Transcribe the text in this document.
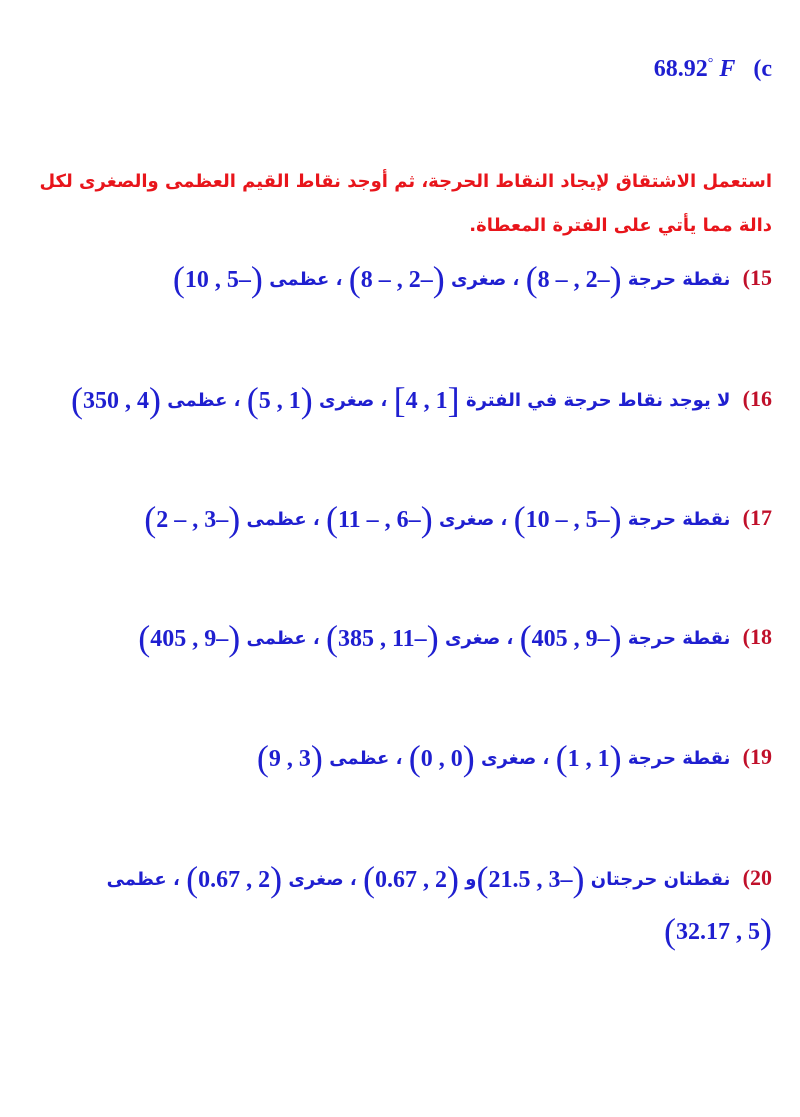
68.92° F (c
استعمل الاشتقاق لإيجاد النقاط الحرجة، ثم أوجد نقاط القيم العظمى والصغرى لكل دالة مما يأتي على الفترة المعطاة.
15) نقطة حرجة (8 – , 2–) ، صغرى (8 – , 2–) ، عظمى (10 , 5–)
16) لا يوجد نقاط حرجة في الفترة [4 , 1] ، صغرى (5 , 1) ، عظمى (350 , 4)
17) نقطة حرجة (10 – , 5–) ، صغرى (11 – , 6–) ، عظمى (2 – , 3–)
18) نقطة حرجة (405 , 9–) ، صغرى (385 , 11–) ، عظمى (405 , 9–)
19) نقطة حرجة (1 , 1) ، صغرى (0 , 0) ، عظمى (9 , 3)
20) نقطتان حرجتان (21.5 , 3–)و (0.67 , 2) ، صغرى (0.67 , 2) ، عظمى
(32.17 , 5)
